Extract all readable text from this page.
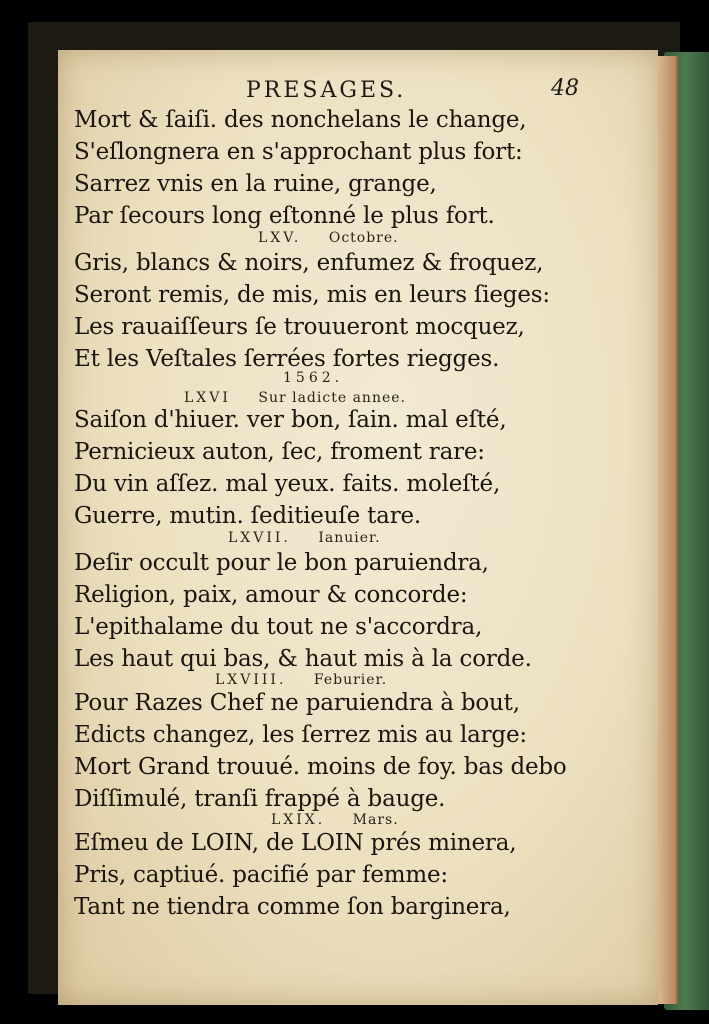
PRESAGES.	48
Mort & ſaiſi. des nonchelans le change,
S'eſlongnera en s'approchant plus fort:
Sarrez vnis en la ruine, grange,
Par ſecours long eſtonné le plus fort.
LXV. Octobre.
Gris, blancs & noirs, enfumez & froquez,
Seront remis, de mis, mis en leurs ſieges:
Les rauaiſſeurs ſe trouueront mocquez,
Et les Veſtales ſerrées fortes riegges.
1562.
LXVI Sur ladicte annee.
Saiſon d'hiuer. ver bon, ſain. mal eſté,
Pernicieux auton, ſec, froment rare:
Du vin aſſez. mal yeux. faits. moleſté,
Guerre, mutin. ſeditieuſe tare.
LXVII. Ianuier.
Deſir occult pour le bon paruiendra,
Religion, paix, amour & concorde:
L'epithalame du tout ne s'accordra,
Les haut qui bas, & haut mis à la corde.
LXVIII. Feburier.
Pour Razes Chef ne paruiendra à bout,
Edicts changez, les ſerrez mis au large:
Mort Grand trouué. moins de foy. bas debo
Diſſimulé, tranſi frappé à bauge.
LXIX. Mars.
Eſmeu de LOIN, de LOIN prés minera,
Pris, captiué. pacifié par femme:
Tant ne tiendra comme ſon barginera,
